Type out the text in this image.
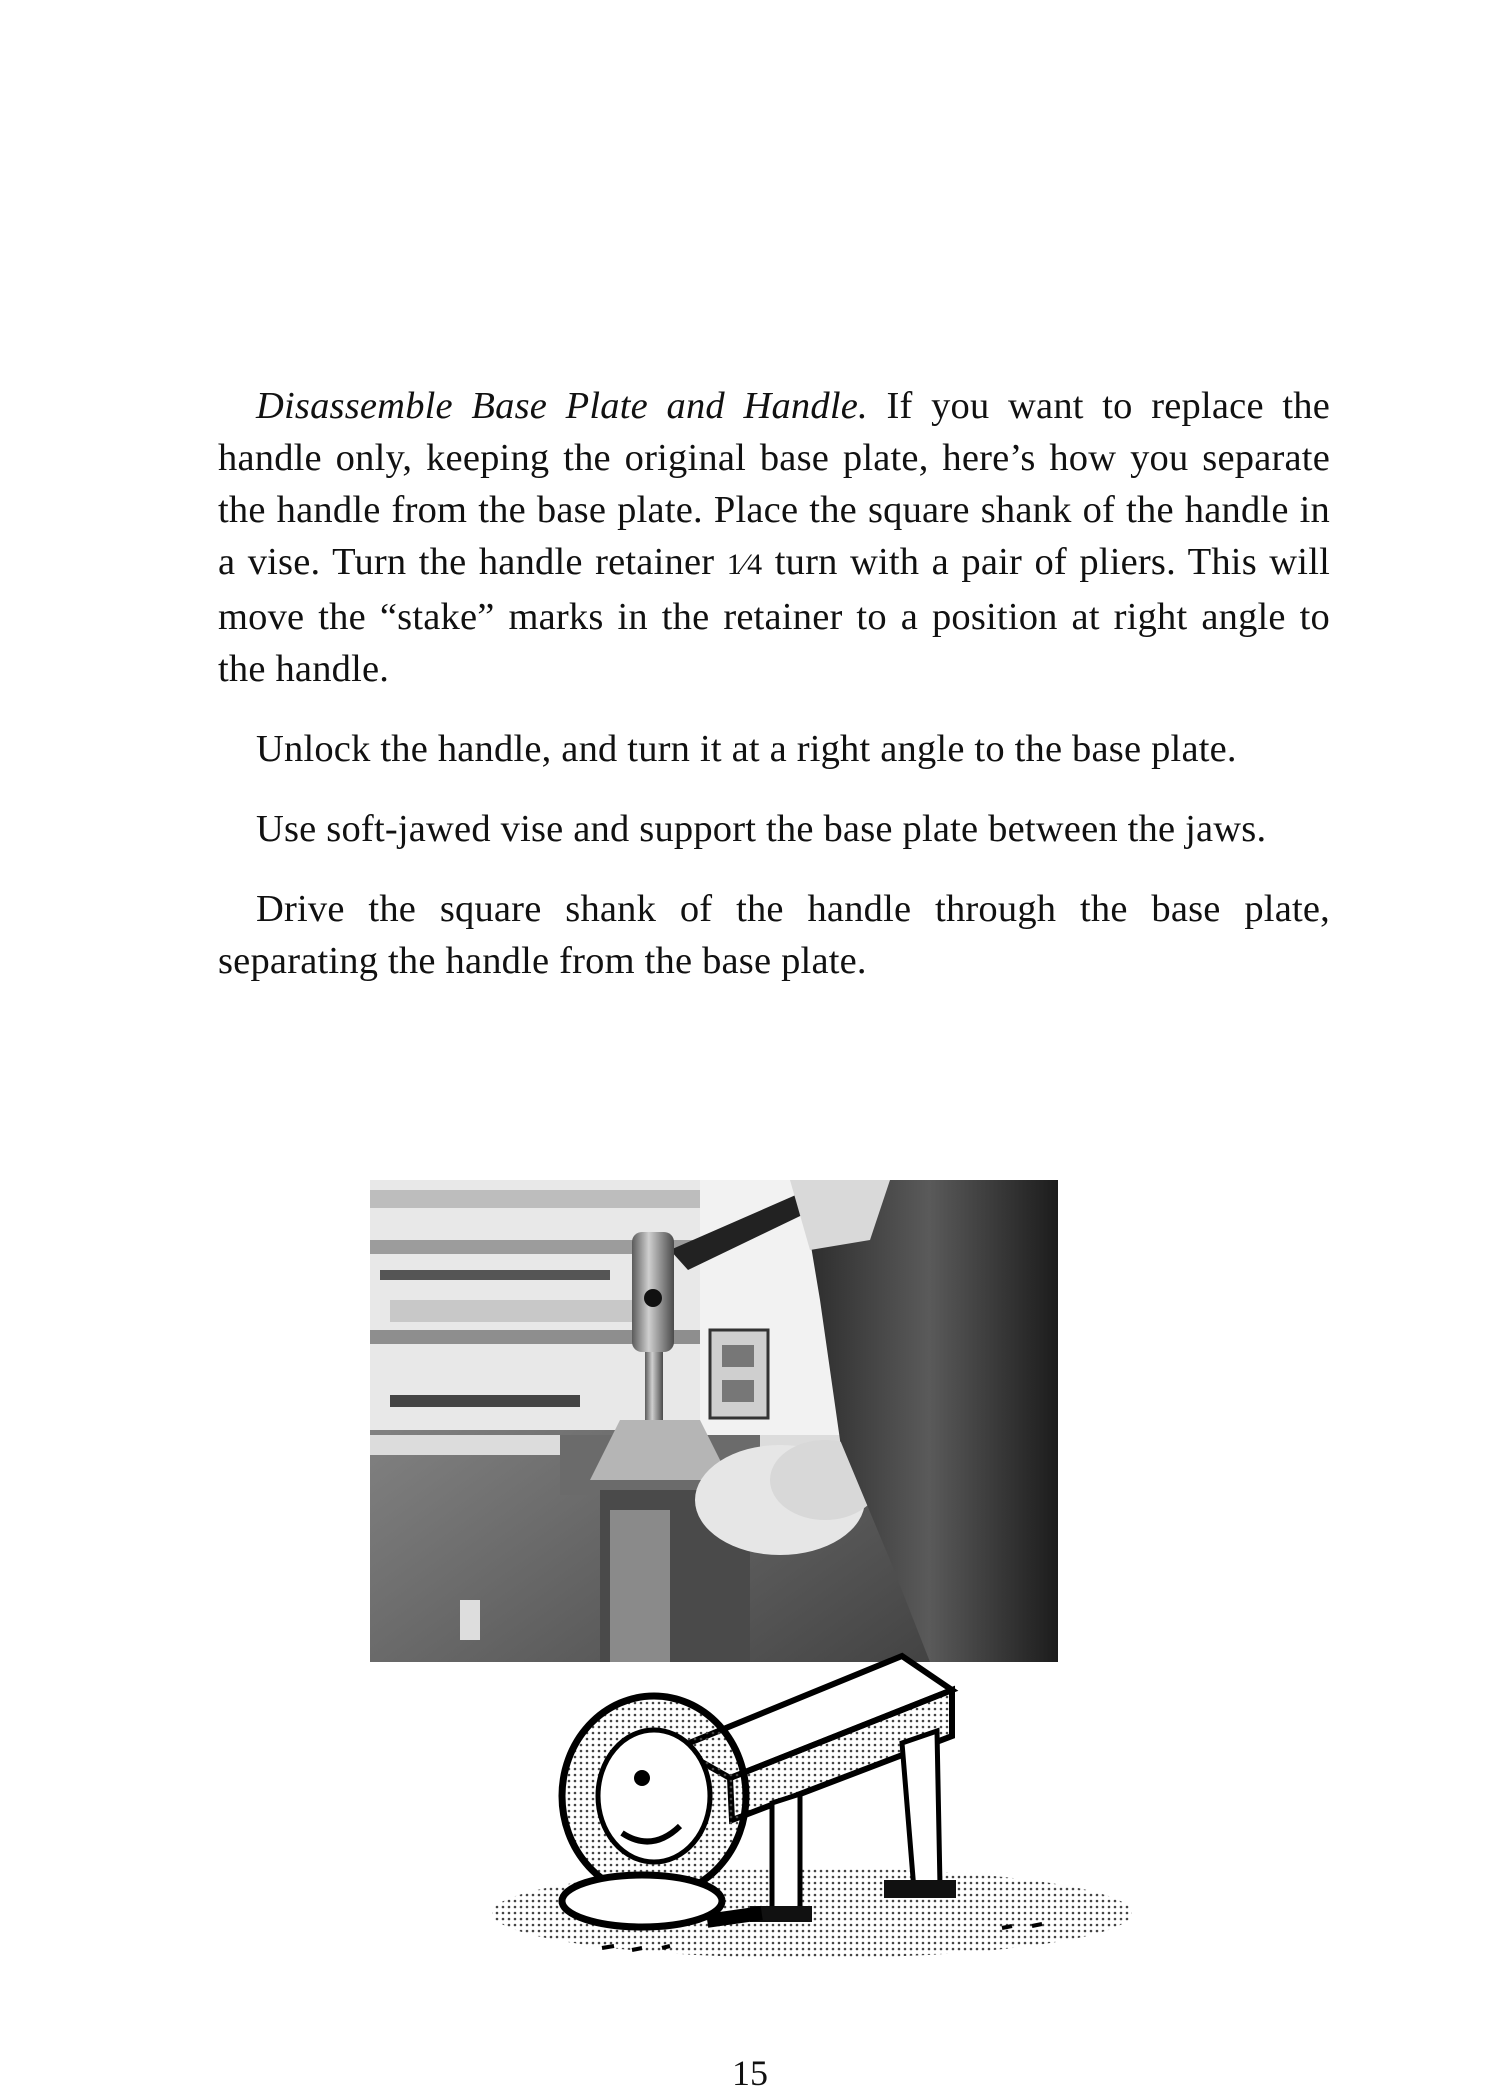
Disassemble Base Plate and Handle. If you want to replace the handle only, keeping the original base plate, here’s how you separate the handle from the base plate. Place the square shank of the handle in a vise. Turn the handle retainer 1⁄4 turn with a pair of pliers. This will move the “stake” marks in the retainer to a position at right angle to the handle.

Unlock the handle, and turn it at a right angle to the base plate.

Use soft-jawed vise and support the base plate between the jaws.

Drive the square shank of the handle through the base plate, separating the handle from the base plate.

15
